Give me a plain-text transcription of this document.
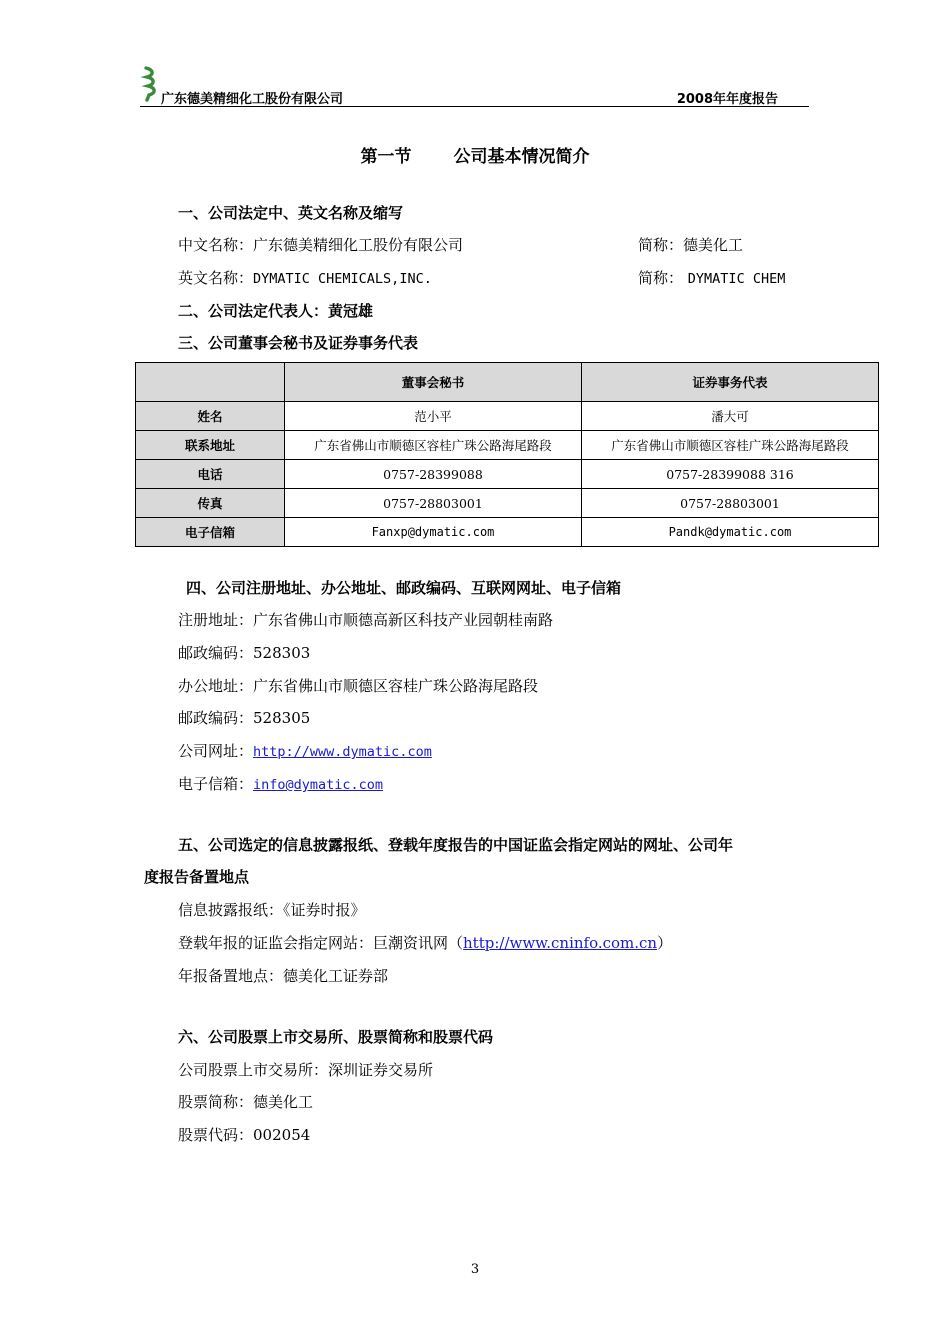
广东德美精细化工股份有限公司	2008年年度报告
第一节 公司基本情况简介
一、公司法定中、英文名称及缩写
中文名称：广东德美精细化工股份有限公司	简称：德美化工
英文名称：DYMATIC CHEMICALS,INC.	简称： DYMATIC CHEM
二、公司法定代表人：黄冠雄
三、公司董事会秘书及证券事务代表
	董事会秘书	证券事务代表
姓名	范小平	潘大可
联系地址	广东省佛山市顺德区容桂广珠公路海尾路段	广东省佛山市顺德区容桂广珠公路海尾路段
电话	0757-28399088	0757-28399088 316
传真	0757-28803001	0757-28803001
电子信箱	Fanxp@dymatic.com	Pandk@dymatic.com
四、公司注册地址、办公地址、邮政编码、互联网网址、电子信箱
注册地址：广东省佛山市顺德高新区科技产业园朝桂南路
邮政编码：528303
办公地址：广东省佛山市顺德区容桂广珠公路海尾路段
邮政编码：528305
公司网址：http://www.dymatic.com
电子信箱：info@dymatic.com
五、公司选定的信息披露报纸、登载年度报告的中国证监会指定网站的网址、公司年
度报告备置地点
信息披露报纸：《证券时报》
登载年报的证监会指定网站：巨潮资讯网（http://www.cninfo.com.cn）
年报备置地点：德美化工证券部
六、公司股票上市交易所、股票简称和股票代码
公司股票上市交易所：深圳证券交易所
股票简称：德美化工
股票代码：002054
3
